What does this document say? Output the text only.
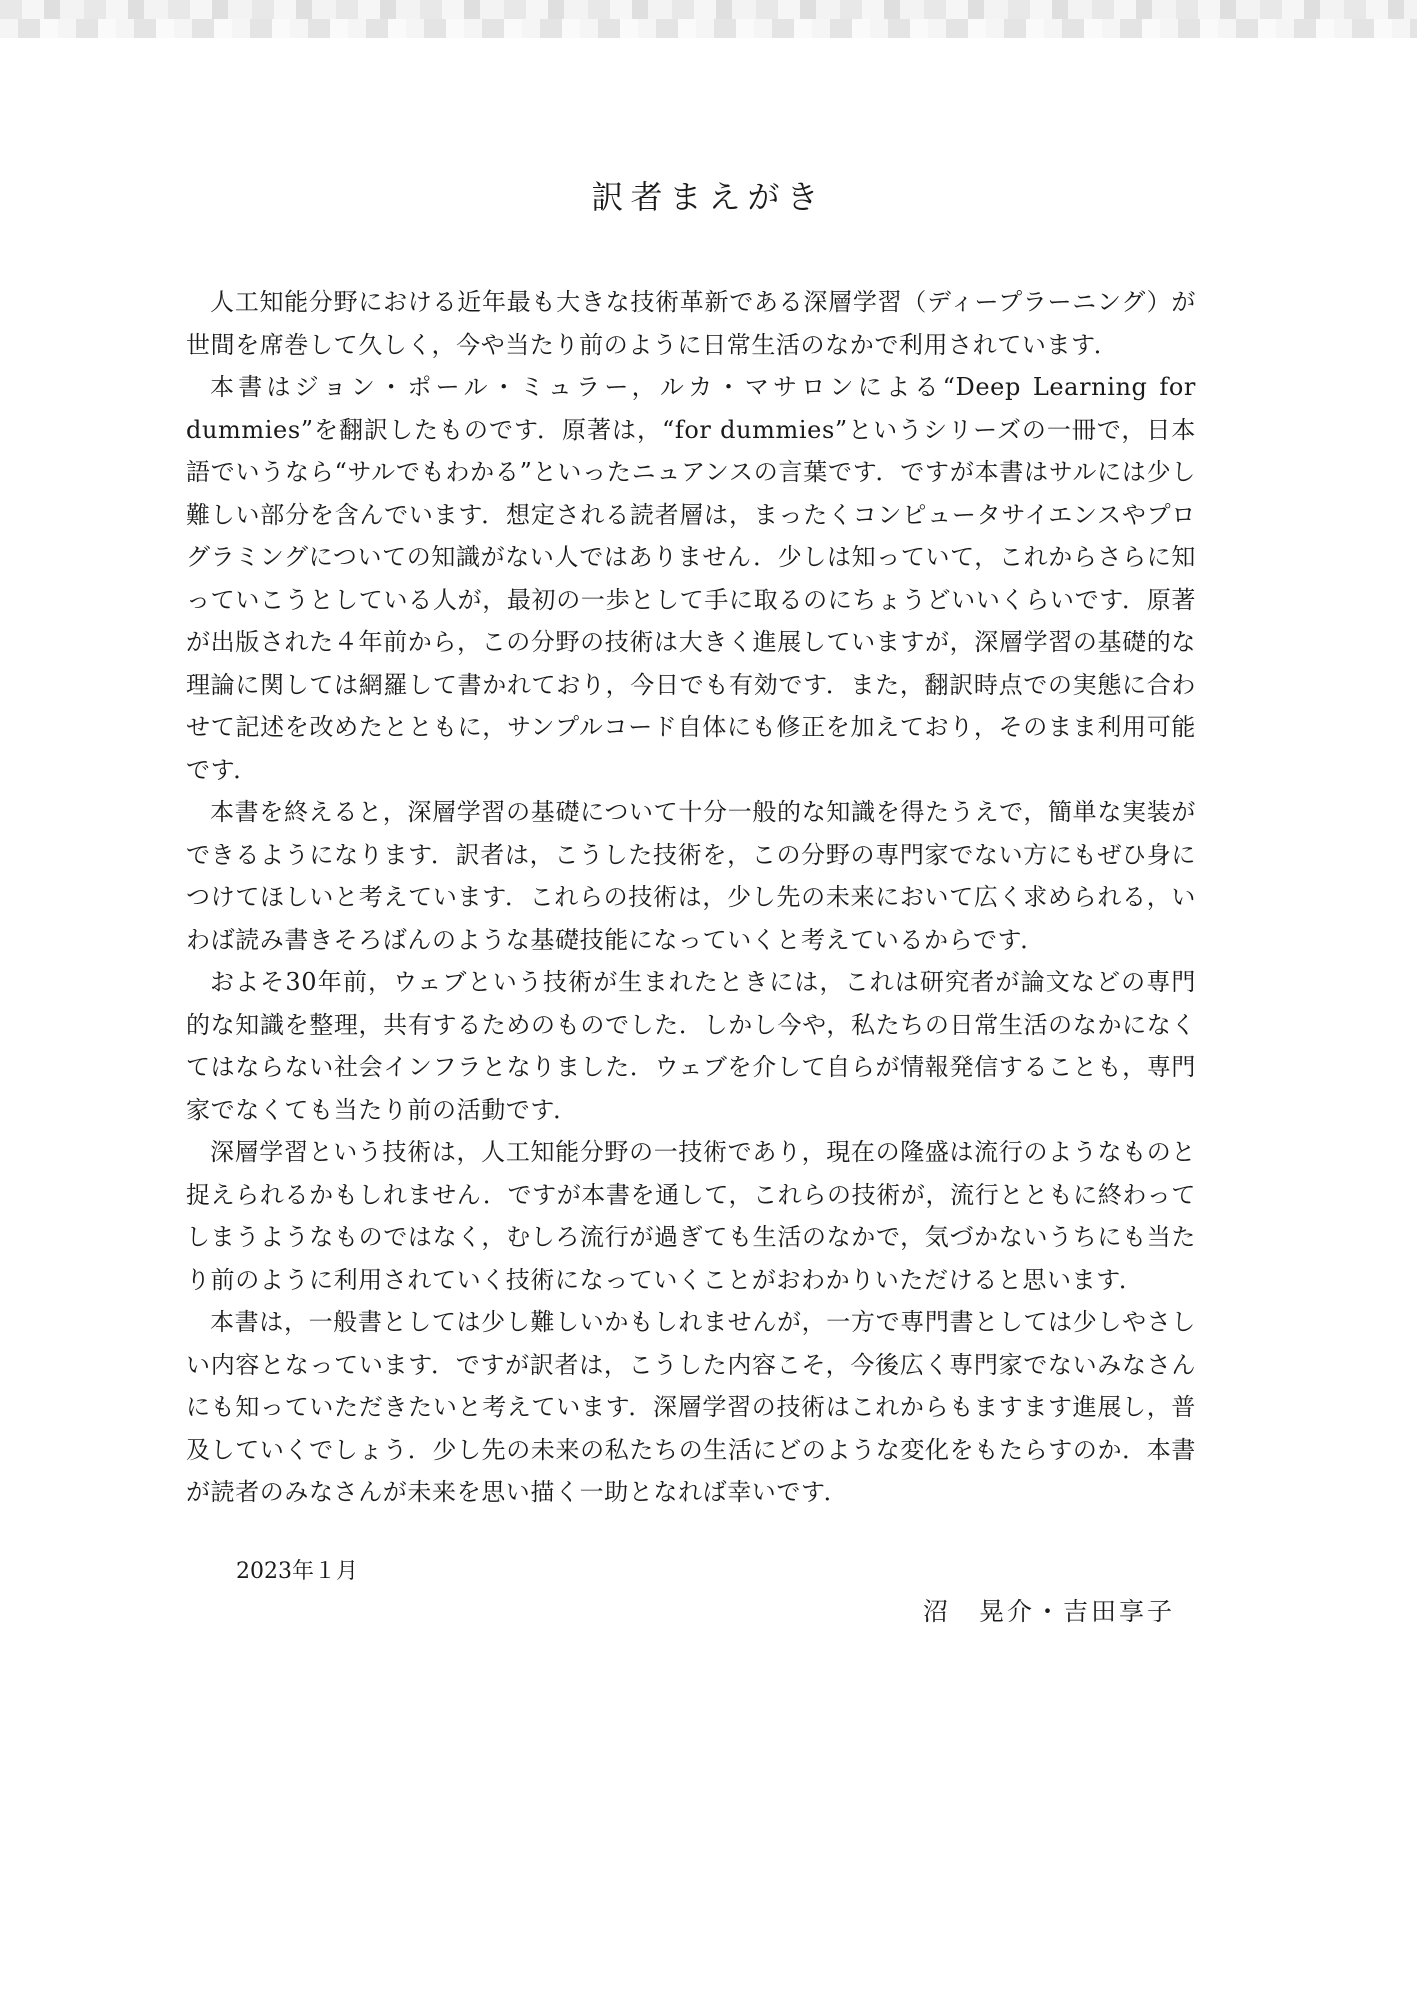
訳者まえがき

人工知能分野における近年最も大きな技術革新である深層学習（ディープラーニング）が世間を席巻して久しく，今や当たり前のように日常生活のなかで利用されています．

本書はジョン・ポール・ミュラー，ルカ・マサロンによる“Deep Learning for dummies”を翻訳したものです．原著は，“for dummies”というシリーズの一冊で，日本語でいうなら“サルでもわかる”といったニュアンスの言葉です．ですが本書はサルには少し難しい部分を含んでいます．想定される読者層は，まったくコンピュータサイエンスやプログラミングについての知識がない人ではありません．少しは知っていて，これからさらに知っていこうとしている人が，最初の一歩として手に取るのにちょうどいいくらいです．原著が出版された４年前から，この分野の技術は大きく進展していますが，深層学習の基礎的な理論に関しては網羅して書かれており，今日でも有効です．また，翻訳時点での実態に合わせて記述を改めたとともに，サンプルコード自体にも修正を加えており，そのまま利用可能です．

本書を終えると，深層学習の基礎について十分一般的な知識を得たうえで，簡単な実装ができるようになります．訳者は，こうした技術を，この分野の専門家でない方にもぜひ身につけてほしいと考えています．これらの技術は，少し先の未来において広く求められる，いわば読み書きそろばんのような基礎技能になっていくと考えているからです．

およそ30年前，ウェブという技術が生まれたときには，これは研究者が論文などの専門的な知識を整理，共有するためのものでした．しかし今や，私たちの日常生活のなかになくてはならない社会インフラとなりました．ウェブを介して自らが情報発信することも，専門家でなくても当たり前の活動です．

深層学習という技術は，人工知能分野の一技術であり，現在の隆盛は流行のようなものと捉えられるかもしれません．ですが本書を通して，これらの技術が，流行とともに終わってしまうようなものではなく，むしろ流行が過ぎても生活のなかで，気づかないうちにも当たり前のように利用されていく技術になっていくことがおわかりいただけると思います．

本書は，一般書としては少し難しいかもしれませんが，一方で専門書としては少しやさしい内容となっています．ですが訳者は，こうした内容こそ，今後広く専門家でないみなさんにも知っていただきたいと考えています．深層学習の技術はこれからもますます進展し，普及していくでしょう．少し先の未来の私たちの生活にどのような変化をもたらすのか．本書が読者のみなさんが未来を思い描く一助となれば幸いです．

2023年１月

沼　晃介・吉田享子
